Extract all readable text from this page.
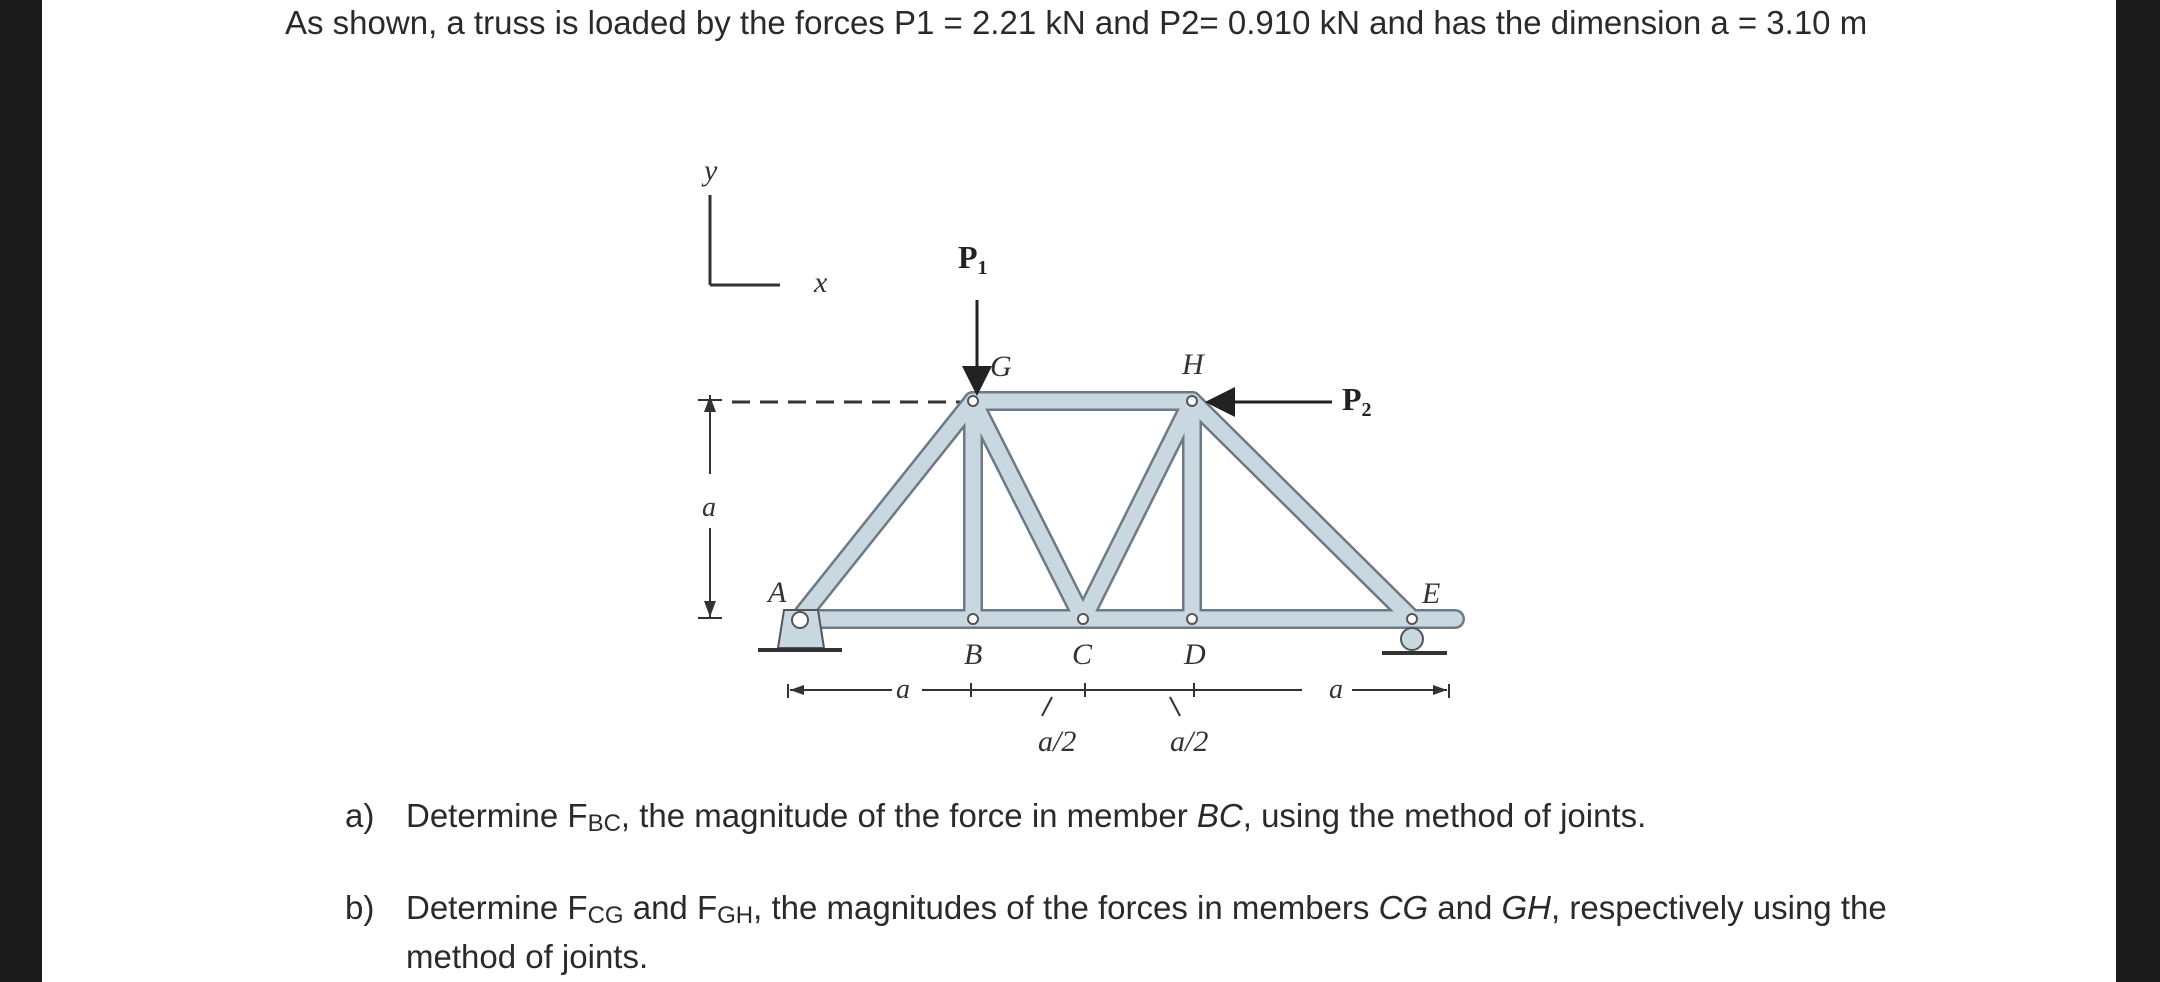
As shown, a truss is loaded by the forces P1 = 2.21 kN and P2= 0.910 kN and has the dimension a = 3.10 m

y
x
a
P1
P2
A
B	C	D
E
G	H
a	a
a/2	a/2
a) Determine $F_{BC}$, the magnitude of the force in member BC, using the method of joints.
b) Determine $F_{CG}$ and $F_{GH}$, the magnitudes of the forces in members CG and GH, respectively using the method of joints.
